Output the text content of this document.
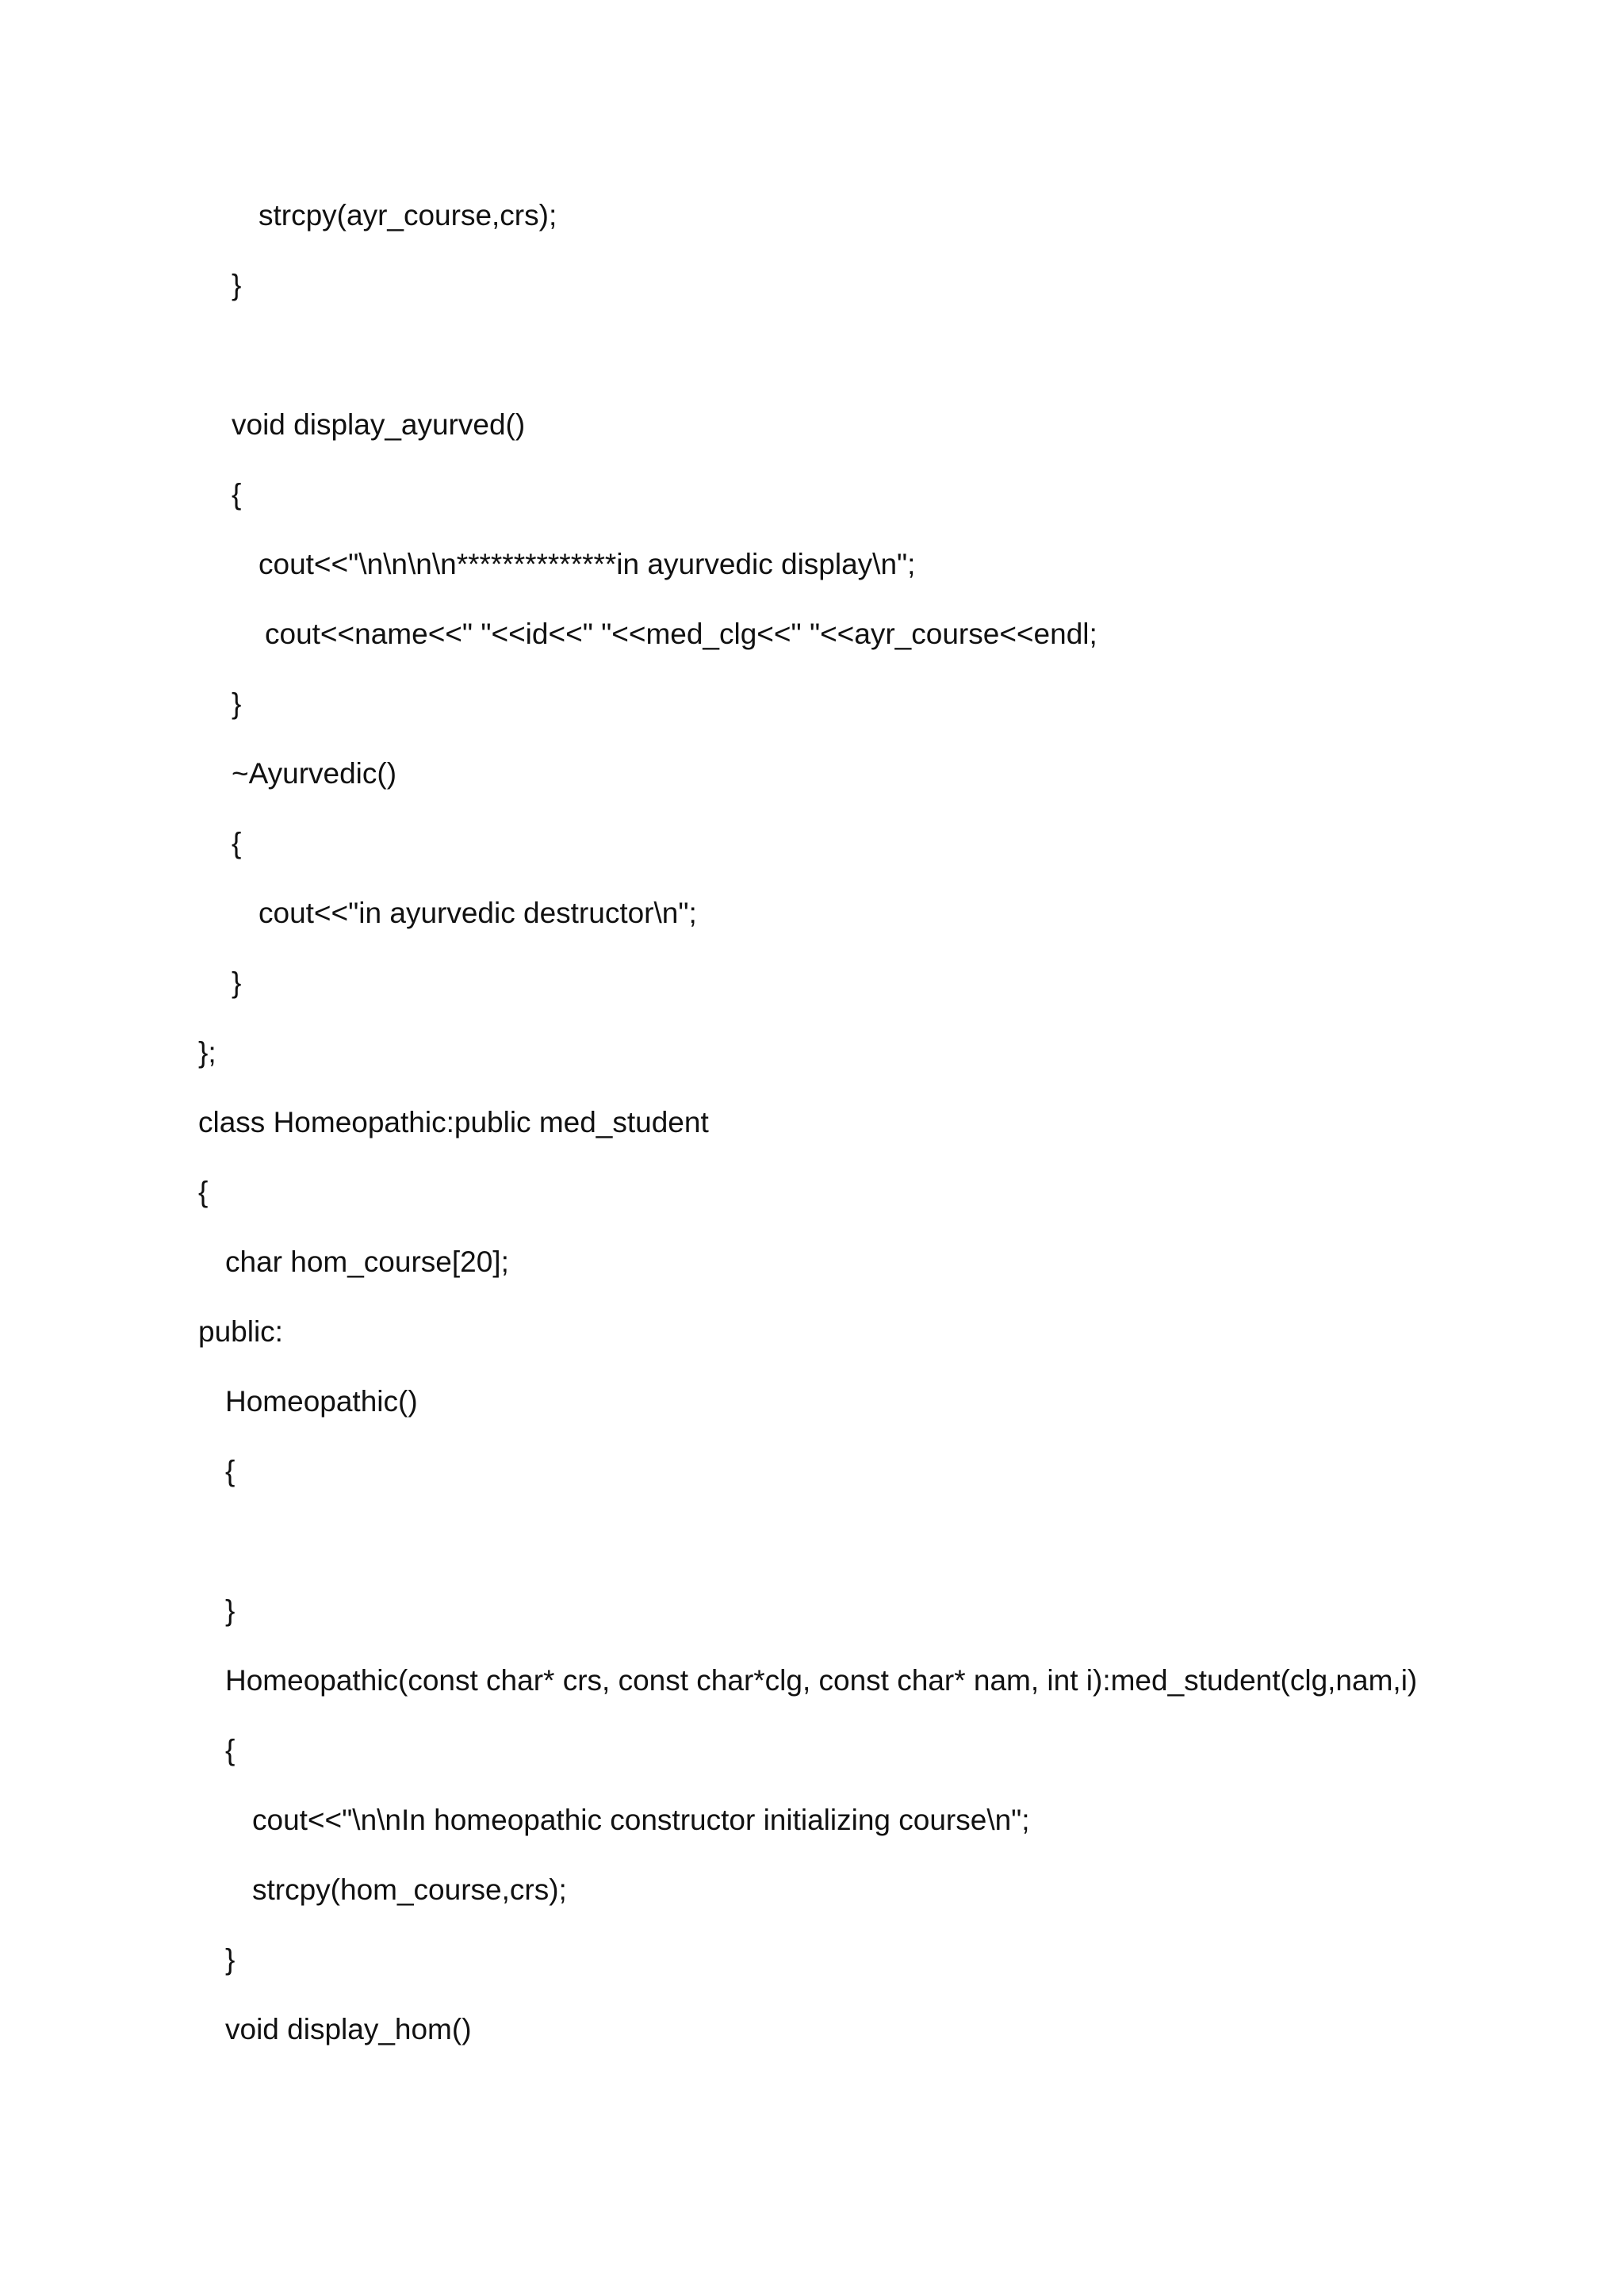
strcpy(ayr_course,crs);
}
void display_ayurved()
{
cout<<"\n\n\n\n**************in ayurvedic display\n";
cout<<name<<" "<<id<<" "<<med_clg<<" "<<ayr_course<<endl;
}
~Ayurvedic()
{
cout<<"in ayurvedic destructor\n";
}
};
class Homeopathic:public med_student
{
char hom_course[20];
public:
Homeopathic()
{
}
Homeopathic(const char* crs, const char*clg, const char* nam, int i):med_student(clg,nam,i)
{
cout<<"\n\nIn homeopathic constructor initializing course\n";
strcpy(hom_course,crs);
}
void display_hom()
